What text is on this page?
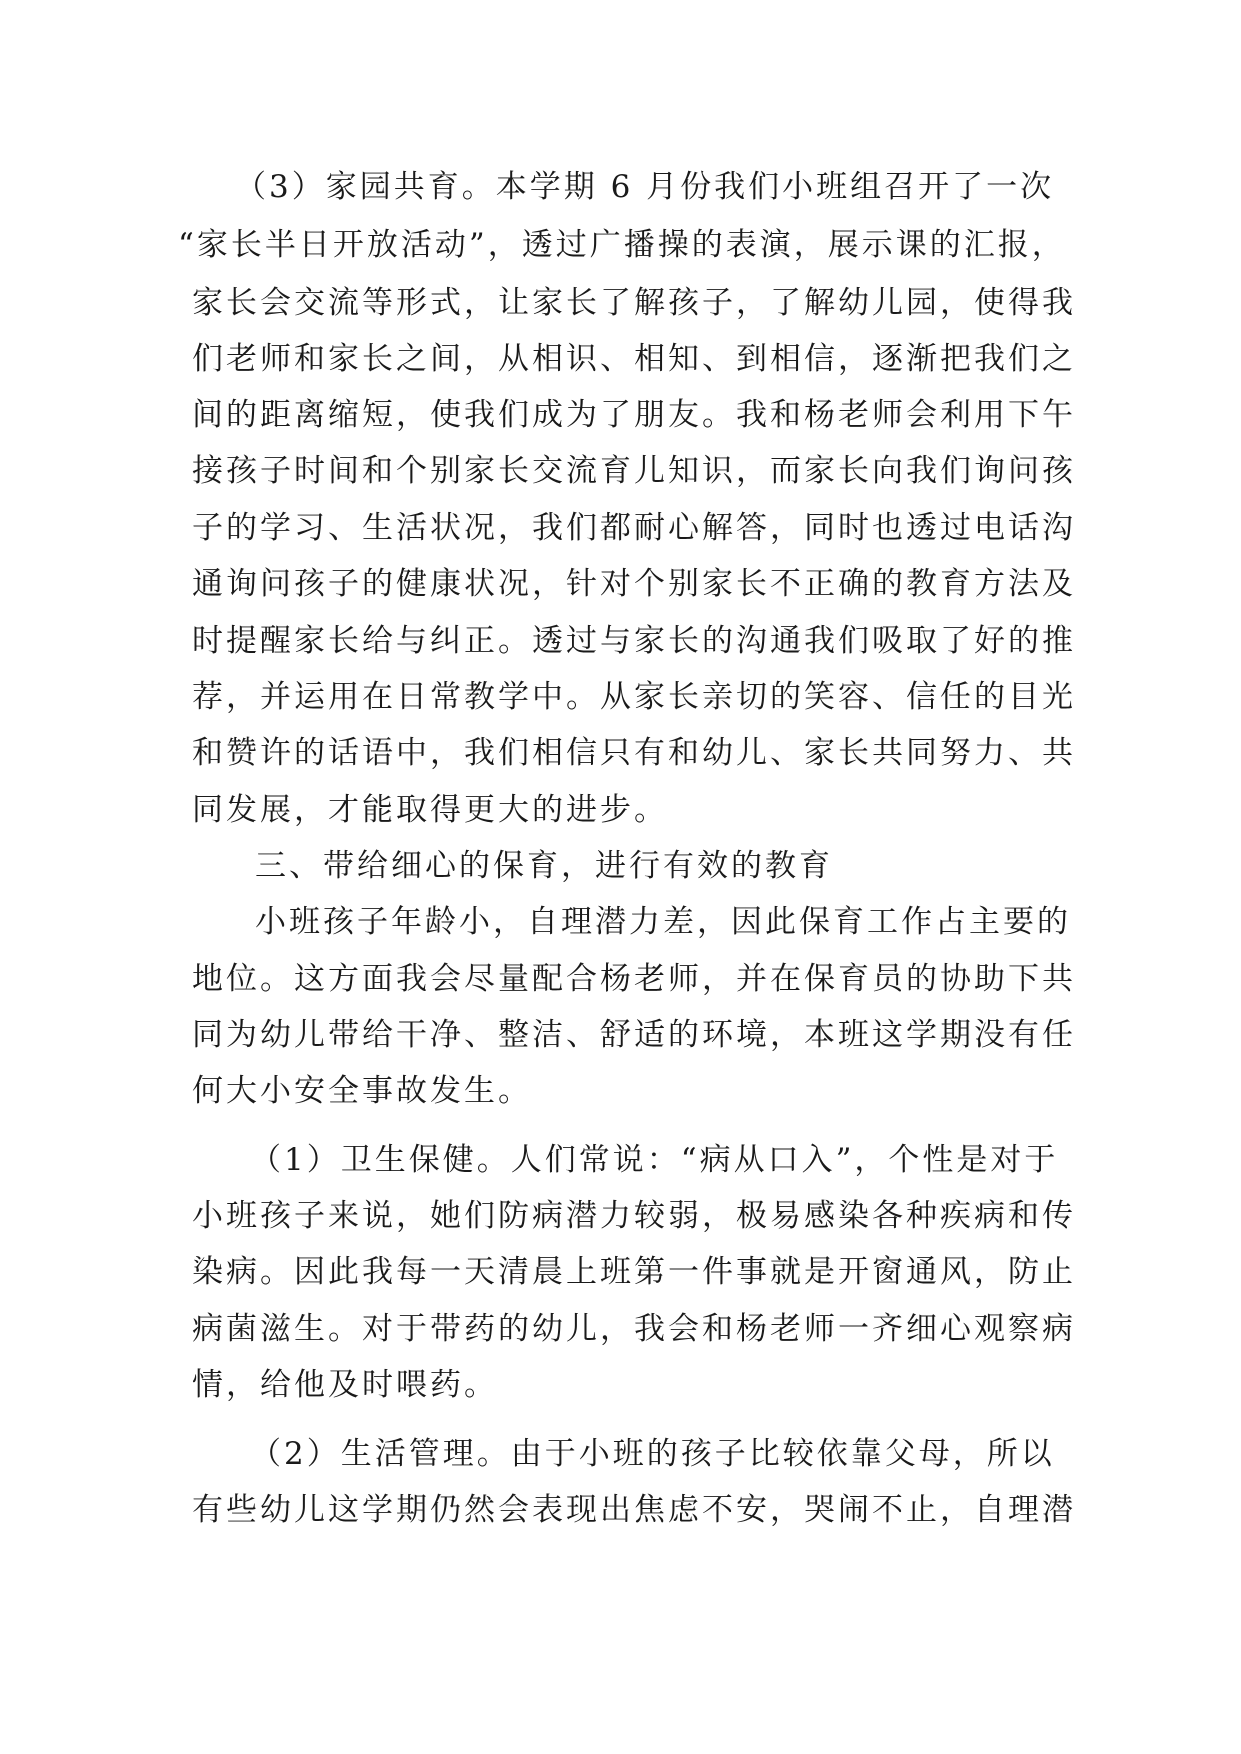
（3）家园共育。本学期 6 月份我们小班组召开了一次
“家长半日开放活动”，透过广播操的表演，展示课的汇报，
家长会交流等形式，让家长了解孩子，了解幼儿园，使得我
们老师和家长之间，从相识、相知、到相信，逐渐把我们之
间的距离缩短，使我们成为了朋友。我和杨老师会利用下午
接孩子时间和个别家长交流育儿知识，而家长向我们询问孩
子的学习、生活状况，我们都耐心解答，同时也透过电话沟
通询问孩子的健康状况，针对个别家长不正确的教育方法及
时提醒家长给与纠正。透过与家长的沟通我们吸取了好的推
荐，并运用在日常教学中。从家长亲切的笑容、信任的目光
和赞许的话语中，我们相信只有和幼儿、家长共同努力、共
同发展，才能取得更大的进步。
三、带给细心的保育，进行有效的教育
小班孩子年龄小，自理潜力差，因此保育工作占主要的
地位。这方面我会尽量配合杨老师，并在保育员的协助下共
同为幼儿带给干净、整洁、舒适的环境，本班这学期没有任
何大小安全事故发生。
（1）卫生保健。人们常说：“病从口入”，个性是对于
小班孩子来说，她们防病潜力较弱，极易感染各种疾病和传
染病。因此我每一天清晨上班第一件事就是开窗通风，防止
病菌滋生。对于带药的幼儿，我会和杨老师一齐细心观察病
情，给他及时喂药。
（2）生活管理。由于小班的孩子比较依靠父母，所以
有些幼儿这学期仍然会表现出焦虑不安，哭闹不止，自理潜
